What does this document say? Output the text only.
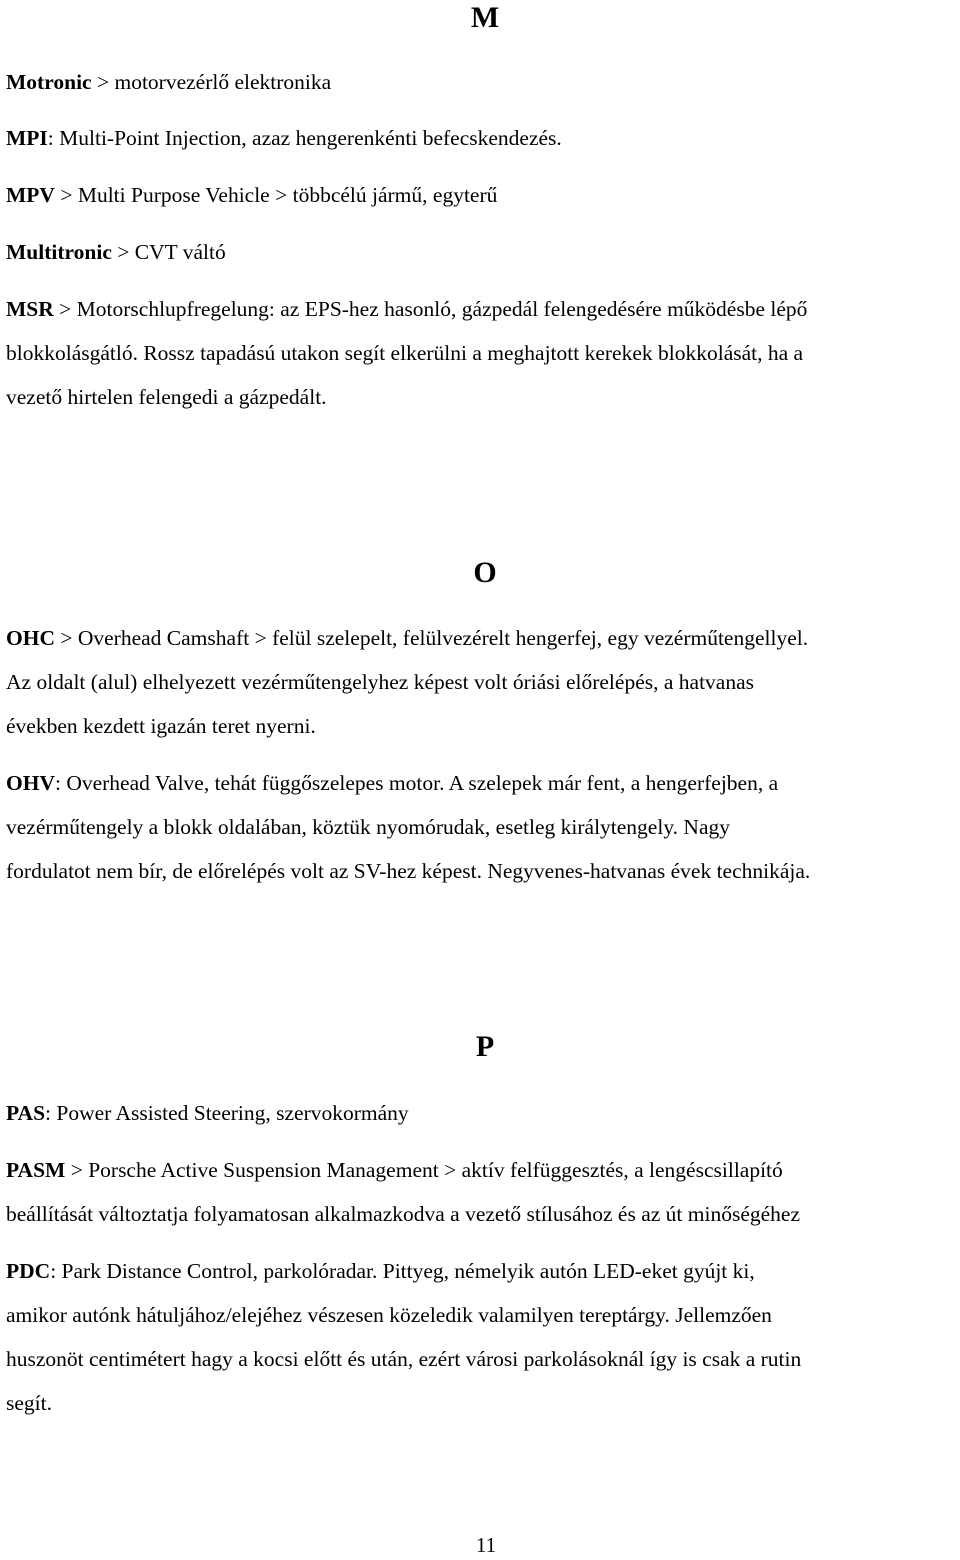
M

Motronic > motorvezérlő elektronika

MPI: Multi-Point Injection, azaz hengerenkénti befecskendezés.

MPV > Multi Purpose Vehicle > többcélú jármű, egyterű

Multitronic > CVT váltó

MSR > Motorschlupfregelung: az EPS-hez hasonló, gázpedál felengedésére működésbe lépő
blokkolásgátló. Rossz tapadású utakon segít elkerülni a meghajtott kerekek blokkolását, ha a
vezető hirtelen felengedi a gázpedált.

O

OHC > Overhead Camshaft > felül szelepelt, felülvezérelt hengerfej, egy vezérműtengellyel.
Az oldalt (alul) elhelyezett vezérműtengelyhez képest volt óriási előrelépés, a hatvanas
években kezdett igazán teret nyerni.

OHV: Overhead Valve, tehát függőszelepes motor. A szelepek már fent, a hengerfejben, a
vezérműtengely a blokk oldalában, köztük nyomórudak, esetleg királytengely. Nagy
fordulatot nem bír, de előrelépés volt az SV-hez képest. Negyvenes-hatvanas évek technikája.

P

PAS: Power Assisted Steering, szervokormány

PASM > Porsche Active Suspension Management > aktív felfüggesztés, a lengéscsillapító
beállítását változtatja folyamatosan alkalmazkodva a vezető stílusához és az út minőségéhez

PDC: Park Distance Control, parkolóradar. Pittyeg, némelyik autón LED-eket gyújt ki,
amikor autónk hátuljához/elejéhez vészesen közeledik valamilyen tereptárgy. Jellemzően
huszonöt centimétert hagy a kocsi előtt és után, ezért városi parkolásoknál így is csak a rutin
segít.

11
